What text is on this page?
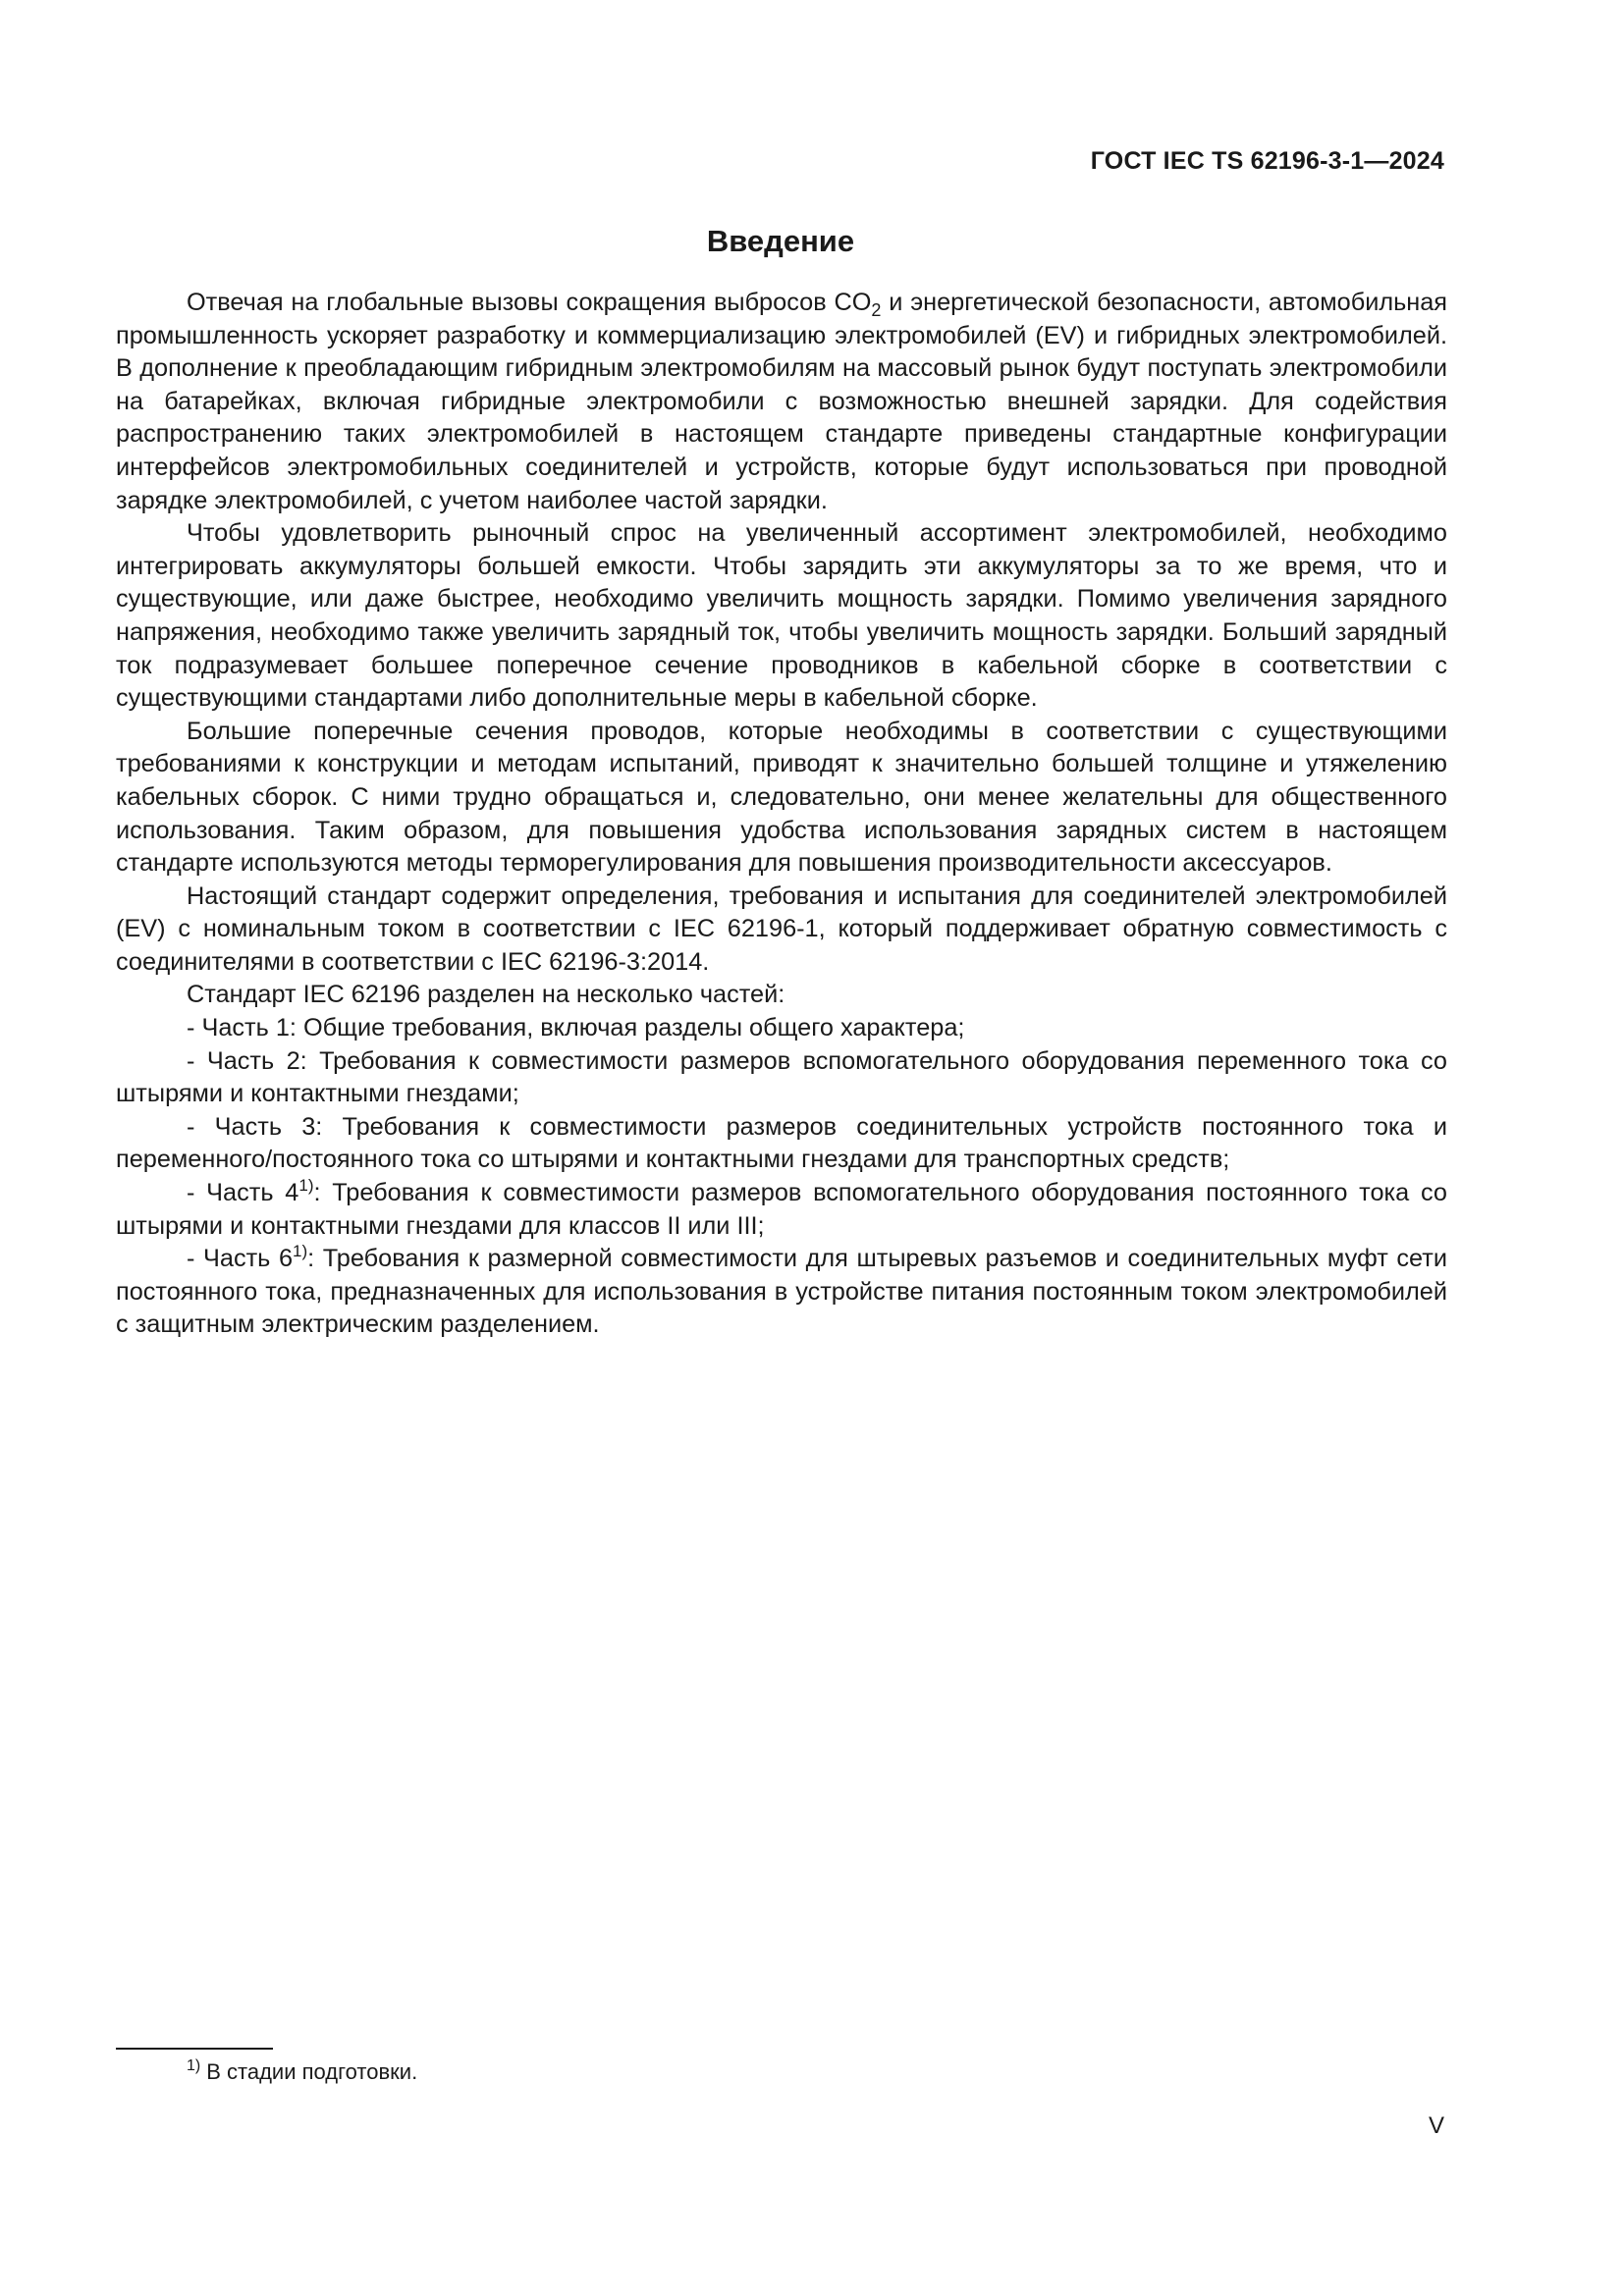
ГОСТ IEC TS 62196-3-1—2024
Введение

Отвечая на глобальные вызовы сокращения выбросов $CO_2$ и энергетической безопасности, автомобильная промышленность ускоряет разработку и коммерциализацию электромобилей (EV) и гибридных электромобилей. В дополнение к преобладающим гибридным электромобилям на массовый рынок будут поступать электромобили на батарейках, включая гибридные электромобили с возможностью внешней зарядки. Для содействия распространению таких электромобилей в настоящем стандарте приведены стандартные конфигурации интерфейсов электромобильных соединителей и устройств, которые будут использоваться при проводной зарядке электромобилей, с учетом наиболее частой зарядки.

Чтобы удовлетворить рыночный спрос на увеличенный ассортимент электромобилей, необходимо интегрировать аккумуляторы большей емкости. Чтобы зарядить эти аккумуляторы за то же время, что и существующие, или даже быстрее, необходимо увеличить мощность зарядки. Помимо увеличения зарядного напряжения, необходимо также увеличить зарядный ток, чтобы увеличить мощность зарядки. Больший зарядный ток подразумевает большее поперечное сечение проводников в кабельной сборке в соответствии с существующими стандартами либо дополнительные меры в кабельной сборке.

Большие поперечные сечения проводов, которые необходимы в соответствии с существующими требованиями к конструкции и методам испытаний, приводят к значительно большей толщине и утяжелению кабельных сборок. С ними трудно обращаться и, следовательно, они менее желательны для общественного использования. Таким образом, для повышения удобства использования зарядных систем в настоящем стандарте используются методы терморегулирования для повышения производительности аксессуаров.

Настоящий стандарт содержит определения, требования и испытания для соединителей электромобилей (EV) с номинальным током в соответствии с IEC 62196-1, который поддерживает обратную совместимость с соединителями в соответствии с IEC 62196-3:2014.

Стандарт IEC 62196 разделен на несколько частей:

- Часть 1: Общие требования, включая разделы общего характера;

- Часть 2: Требования к совместимости размеров вспомогательного оборудования переменного тока со штырями и контактными гнездами;

- Часть 3: Требования к совместимости размеров соединительных устройств постоянного тока и переменного/постоянного тока со штырями и контактными гнездами для транспортных средств;

- Часть 4$^{1)}$: Требования к совместимости размеров вспомогательного оборудования постоянного тока со штырями и контактными гнездами для классов II или III;

- Часть 6$^{1)}$: Требования к размерной совместимости для штыревых разъемов и соединительных муфт сети постоянного тока, предназначенных для использования в устройстве питания постоянным током электромобилей с защитным электрическим разделением.

$^{1)}$ В стадии подготовки.
V
